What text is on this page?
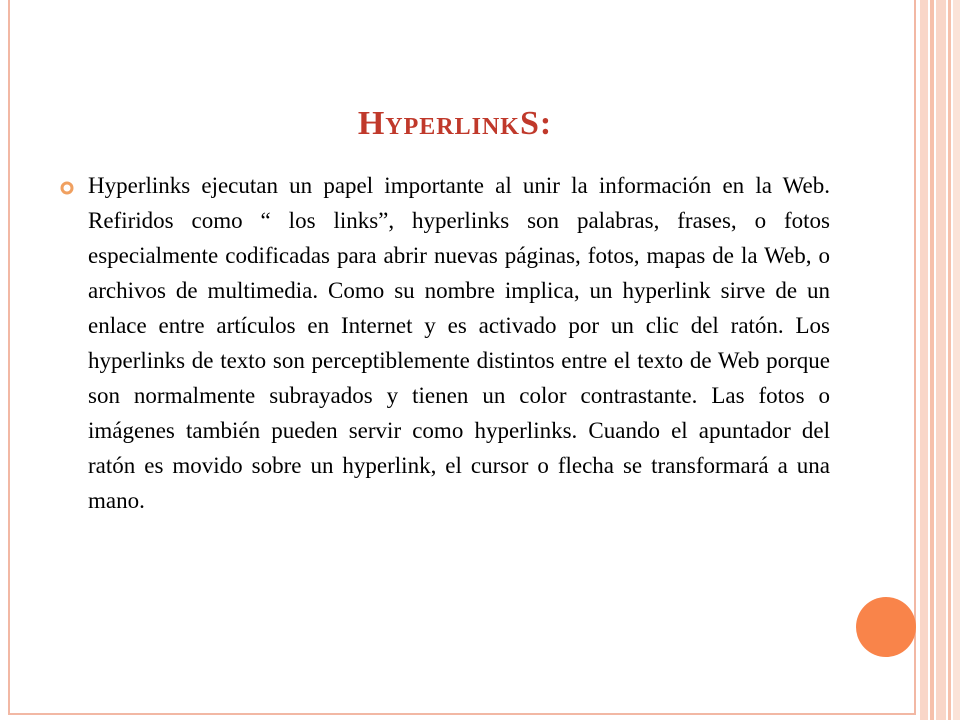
HyperlinkS:

Hyperlinks ejecutan un papel importante al unir la información en la Web. Refiridos como “ los links”, hyperlinks son palabras, frases, o fotos especialmente codificadas para abrir nuevas páginas, fotos, mapas de la Web, o archivos de multimedia. Como su nombre implica, un hyperlink sirve de un enlace entre artículos en Internet y es activado por un clic del ratón. Los hyperlinks de texto son perceptiblemente distintos entre el texto de Web porque son normalmente subrayados y tienen un color contrastante. Las fotos o imágenes también pueden servir como hyperlinks. Cuando el apuntador del ratón es movido sobre un hyperlink, el cursor o flecha se transformará a una mano.
